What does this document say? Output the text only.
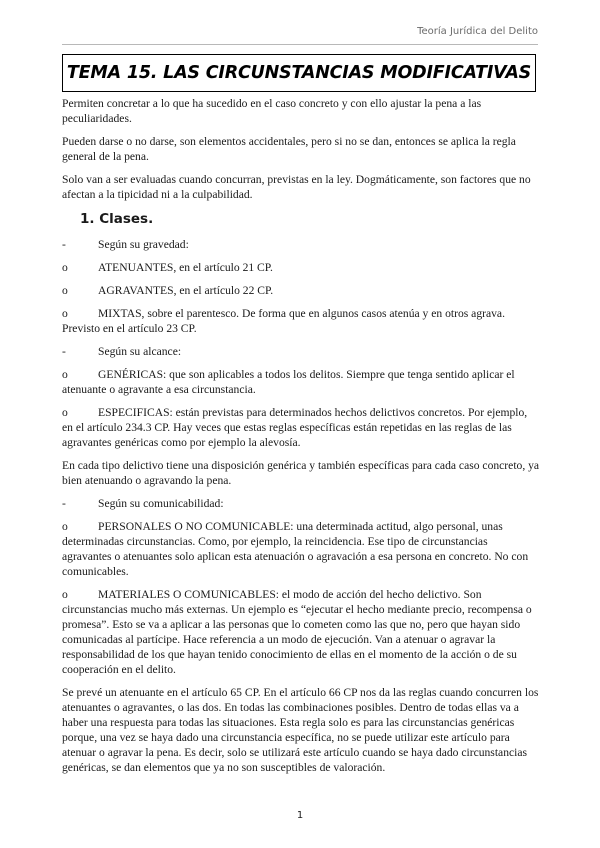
Teoría Jurídica del Delito
TEMA 15. LAS CIRCUNSTANCIAS MODIFICATIVAS

Permiten concretar a lo que ha sucedido en el caso concreto y con ello ajustar la pena a las peculiaridades.

Pueden darse o no darse, son elementos accidentales, pero si no se dan, entonces se aplica la regla general de la pena.

Solo van a ser evaluadas cuando concurran, previstas en la ley. Dogmáticamente, son factores que no afectan a la tipicidad ni a la culpabilidad.

1. Clases.
-	Según su gravedad:
o	ATENUANTES, en el artículo 21 CP.
o	AGRAVANTES, en el artículo 22 CP.

o	MIXTAS, sobre el parentesco. De forma que en algunos casos atenúa y en otros agrava. Previsto en el artículo 23 CP.

-	Según su alcance:

o	GENÉRICAS: que son aplicables a todos los delitos. Siempre que tenga sentido aplicar el atenuante o agravante a esa circunstancia.

o	ESPECIFICAS: están previstas para determinados hechos delictivos concretos. Por ejemplo, en el artículo 234.3 CP. Hay veces que estas reglas específicas están repetidas en las reglas de las agravantes genéricas como por ejemplo la alevosía.

En cada tipo delictivo tiene una disposición genérica y también específicas para cada caso concreto, ya bien atenuando o agravando la pena.

-	Según su comunicabilidad:

o	PERSONALES O NO COMUNICABLE: una determinada actitud, algo personal, unas determinadas circunstancias. Como, por ejemplo, la reincidencia. Ese tipo de circunstancias agravantes o atenuantes solo aplican esta atenuación o agravación a esa persona en concreto. No con comunicables.

o	MATERIALES O COMUNICABLES: el modo de acción del hecho delictivo. Son circunstancias mucho más externas. Un ejemplo es “ejecutar el hecho mediante precio, recompensa o promesa”. Esto se va a aplicar a las personas que lo cometen como las que no, pero que hayan sido comunicadas al partícipe. Hace referencia a un modo de ejecución. Van a atenuar o agravar la responsabilidad de los que hayan tenido conocimiento de ellas en el momento de la acción o de su cooperación en el delito.

Se prevé un atenuante en el artículo 65 CP. En el artículo 66 CP nos da las reglas cuando concurren los atenuantes o agravantes, o las dos. En todas las combinaciones posibles. Dentro de todas ellas va a haber una respuesta para todas las situaciones. Esta regla solo es para las circunstancias genéricas porque, una vez se haya dado una circunstancia específica, no se puede utilizar este artículo para atenuar o agravar la pena. Es decir, solo se utilizará este artículo cuando se haya dado circunstancias genéricas, se dan elementos que ya no son susceptibles de valoración.

1
